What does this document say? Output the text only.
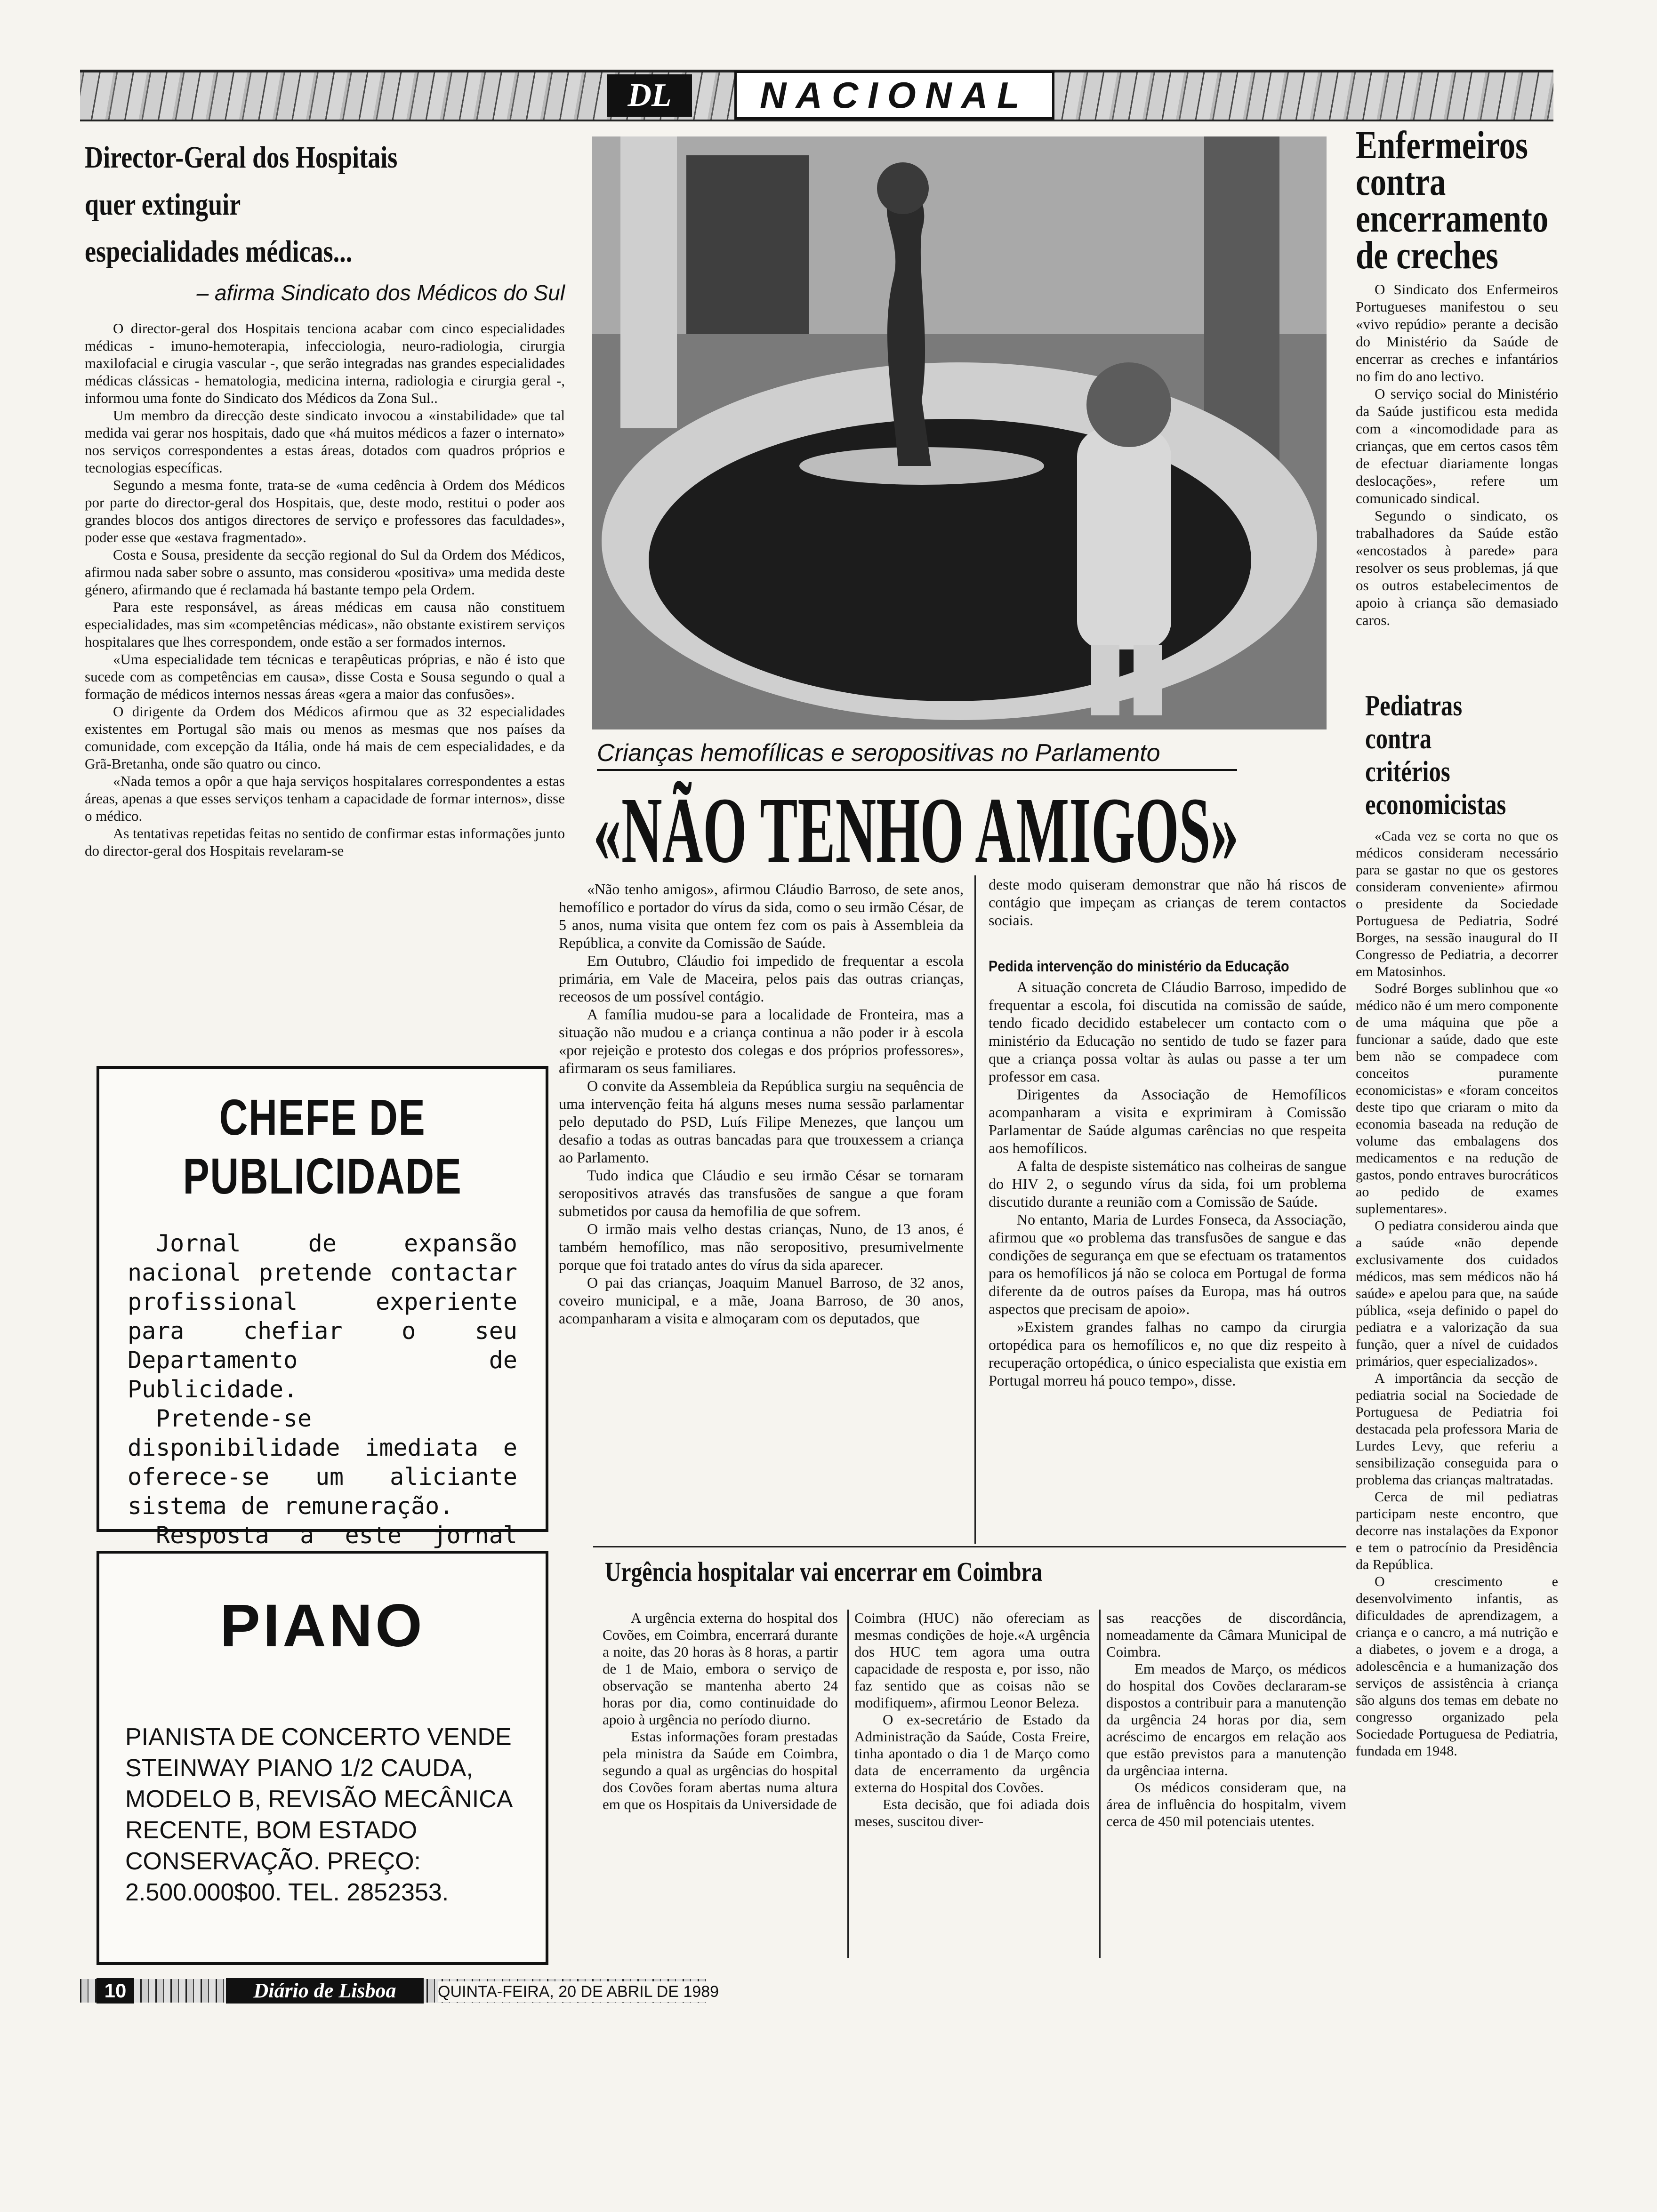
DL	NACIONAL
Director-Geral dos Hospitais
quer extinguir
especialidades médicas...
– afirma Sindicato dos Médicos do Sul

O director-geral dos Hospitais tenciona acabar com cinco especialidades médicas - imuno-hemoterapia, infecciologia, neuro-radiologia, cirurgia maxilofacial e cirugia vascular -, que serão integradas nas grandes especialidades médicas clássicas - hematologia, medicina interna, radiologia e cirurgia geral -, informou uma fonte do Sindicato dos Médicos da Zona Sul..

Um membro da direcção deste sindicato invocou a «instabilidade» que tal medida vai gerar nos hospitais, dado que «há muitos médicos a fazer o internato» nos serviços correspondentes a estas áreas, dotados com quadros próprios e tecnologias específicas.

Segundo a mesma fonte, trata-se de «uma cedência à Ordem dos Médicos por parte do director-geral dos Hospitais, que, deste modo, restitui o poder aos grandes blocos dos antigos directores de serviço e professores das faculdades», poder esse que «estava fragmentado».

Costa e Sousa, presidente da secção regional do Sul da Ordem dos Médicos, afirmou nada saber sobre o assunto, mas considerou «positiva» uma medida deste género, afirmando que é reclamada há bastante tempo pela Ordem.

Para este responsável, as áreas médicas em causa não constituem especialidades, mas sim «competências médicas», não obstante existirem serviços hospitalares que lhes correspondem, onde estão a ser formados internos.

«Uma especialidade tem técnicas e terapêuticas próprias, e não é isto que sucede com as competências em causa», disse Costa e Sousa segundo o qual a formação de médicos internos nessas áreas «gera a maior das confusões».

O dirigente da Ordem dos Médicos afirmou que as 32 especialidades existentes em Portugal são mais ou menos as mesmas que nos países da comunidade, com excepção da Itália, onde há mais de cem especialidades, e da Grã-Bretanha, onde são quatro ou cinco.

«Nada temos a opôr a que haja serviços hospitalares correspondentes a estas áreas, apenas a que esses serviços tenham a capacidade de formar internos», disse o médico.

As tentativas repetidas feitas no sentido de confirmar estas informações junto do director-geral dos Hospitais revelaram-se

CHEFE DE PUBLICIDADE

Jornal de expansão nacional pretende contactar profissional experiente para chefiar o seu Departamento de Publicidade.

Pretende-se disponibilidade imediata e oferece-se um aliciante sistema de remuneração.

Resposta a este jornal

PIANO
PIANISTA DE CONCERTO VENDE STEINWAY PIANO 1/2 CAUDA, MODELO B, REVISÃO MECÂNICA RECENTE, BOM ESTADO CONSERVAÇÃO. PREÇO: 2.500.000$00. TEL. 2852353.
Crianças hemofílicas e seropositivas no Parlamento
«NÃO TENHO AMIGOS»

«Não tenho amigos», afirmou Cláudio Barroso, de sete anos, hemofílico e portador do vírus da sida, como o seu irmão César, de 5 anos, numa visita que ontem fez com os pais à Assembleia da República, a convite da Comissão de Saúde.

Em Outubro, Cláudio foi impedido de frequentar a escola primária, em Vale de Maceira, pelos pais das outras crianças, receosos de um possível contágio.

A família mudou-se para a localidade de Fronteira, mas a situação não mudou e a criança continua a não poder ir à escola «por rejeição e protesto dos colegas e dos próprios professores», afirmaram os seus familiares.

O convite da Assembleia da República surgiu na sequência de uma intervenção feita há alguns meses numa sessão parlamentar pelo deputado do PSD, Luís Filipe Menezes, que lançou um desafio a todas as outras bancadas para que trouxessem a criança ao Parlamento.

Tudo indica que Cláudio e seu irmão César se tornaram seropositivos através das transfusões de sangue a que foram submetidos por causa da hemofilia de que sofrem.

O irmão mais velho destas crianças, Nuno, de 13 anos, é também hemofílico, mas não seropositivo, presumivelmente porque que foi tratado antes do vírus da sida aparecer.

O pai das crianças, Joaquim Manuel Barroso, de 32 anos, coveiro municipal, e a mãe, Joana Barroso, de 30 anos, acompanharam a visita e almoçaram com os deputados, que

deste modo quiseram demonstrar que não há riscos de contágio que impeçam as crianças de terem contactos sociais.

Pedida intervenção do ministério da Educação

A situação concreta de Cláudio Barroso, impedido de frequentar a escola, foi discutida na comissão de saúde, tendo ficado decidido estabelecer um contacto com o ministério da Educação no sentido de tudo se fazer para que a criança possa voltar às aulas ou passe a ter um professor em casa.

Dirigentes da Associação de Hemofílicos acompanharam a visita e exprimiram à Comissão Parlamentar de Saúde algumas carências no que respeita aos hemofílicos.

A falta de despiste sistemático nas colheiras de sangue do HIV 2, o segundo vírus da sida, foi um problema discutido durante a reunião com a Comissão de Saúde.

No entanto, Maria de Lurdes Fonseca, da Associação, afirmou que «o problema das transfusões de sangue e das condições de segurança em que se efectuam os tratamentos para os hemofílicos já não se coloca em Portugal de forma diferente da de outros países da Europa, mas há outros aspectos que precisam de apoio».

»Existem grandes falhas no campo da cirurgia ortopédica para os hemofílicos e, no que diz respeito à recuperação ortopédica, o único especialista que existia em Portugal morreu há pouco tempo», disse.

Urgência hospitalar vai encerrar em Coimbra

A urgência externa do hospital dos Covões, em Coimbra, encerrará durante a noite, das 20 horas às 8 horas, a partir de 1 de Maio, embora o serviço de observação se mantenha aberto 24 horas por dia, como continuidade do apoio à urgência no período diurno.

Estas informações foram prestadas pela ministra da Saúde em Coimbra, segundo a qual as urgências do hospital dos Covões foram abertas numa altura em que os Hospitais da Universidade de

Coimbra (HUC) não ofereciam as mesmas condições de hoje.«A urgência dos HUC tem agora uma outra capacidade de resposta e, por isso, não faz sentido que as coisas não se modifiquem», afirmou Leonor Beleza.

O ex-secretário de Estado da Administração da Saúde, Costa Freire, tinha apontado o dia 1 de Março como data de encerramento da urgência externa do Hospital dos Covões.

Esta decisão, que foi adiada dois meses, suscitou diver-

sas reacções de discordância, nomeadamente da Câmara Municipal de Coimbra.

Em meados de Março, os médicos do hospital dos Covões declararam-se dispostos a contribuir para a manutenção da urgência 24 horas por dia, sem acréscimo de encargos em relação aos que estão previstos para a manutenção da urgênciaa interna.

Os médicos consideram que, na área de influência do hospitalm, vivem cerca de 450 mil potenciais utentes.

Enfermeiros
contra
encerramento
de creches

O Sindicato dos Enfermeiros Portugueses manifestou o seu «vivo repúdio» perante a decisão do Ministério da Saúde de encerrar as creches e infantários no fim do ano lectivo.

O serviço social do Ministério da Saúde justificou esta medida com a «incomodidade para as crianças, que em certos casos têm de efectuar diariamente longas deslocações», refere um comunicado sindical.

Segundo o sindicato, os trabalhadores da Saúde estão «encostados à parede» para resolver os seus problemas, já que os outros estabelecimentos de apoio à criança são demasiado caros.

Pediatras
contra
critérios
economicistas

«Cada vez se corta no que os médicos consideram necessário para se gastar no que os gestores consideram conveniente» afirmou o presidente da Sociedade Portuguesa de Pediatria, Sodré Borges, na sessão inaugural do II Congresso de Pediatria, a decorrer em Matosinhos.

Sodré Borges sublinhou que «o médico não é um mero componente de uma máquina que põe a funcionar a saúde, dado que este bem não se compadece com conceitos puramente economicistas» e «foram conceitos deste tipo que criaram o mito da economia baseada na redução de volume das embalagens dos medicamentos e na redução de gastos, pondo entraves burocráticos ao pedido de exames suplementares».

O pediatra considerou ainda que a saúde «não depende exclusivamente dos cuidados médicos, mas sem médicos não há saúde» e apelou para que, na saúde pública, «seja definido o papel do pediatra e a valorização da sua função, quer a nível de cuidados primários, quer especializados».

A importância da secção de pediatria social na Sociedade de Portuguesa de Pediatria foi destacada pela professora Maria de Lurdes Levy, que referiu a sensibilização conseguida para o problema das crianças maltratadas.

Cerca de mil pediatras participam neste encontro, que decorre nas instalações da Exponor e tem o patrocínio da Presidência da República.

O crescimento e desenvolvimento infantis, as dificuldades de aprendizagem, a criança e o cancro, a má nutrição e a diabetes, o jovem e a droga, a adolescência e a humanização dos serviços de assistência à criança são alguns dos temas em debate no congresso organizado pela Sociedade Portuguesa de Pediatria, fundada em 1948.

10	Diário de Lisboa	QUINTA-FEIRA, 20 DE ABRIL DE 1989
